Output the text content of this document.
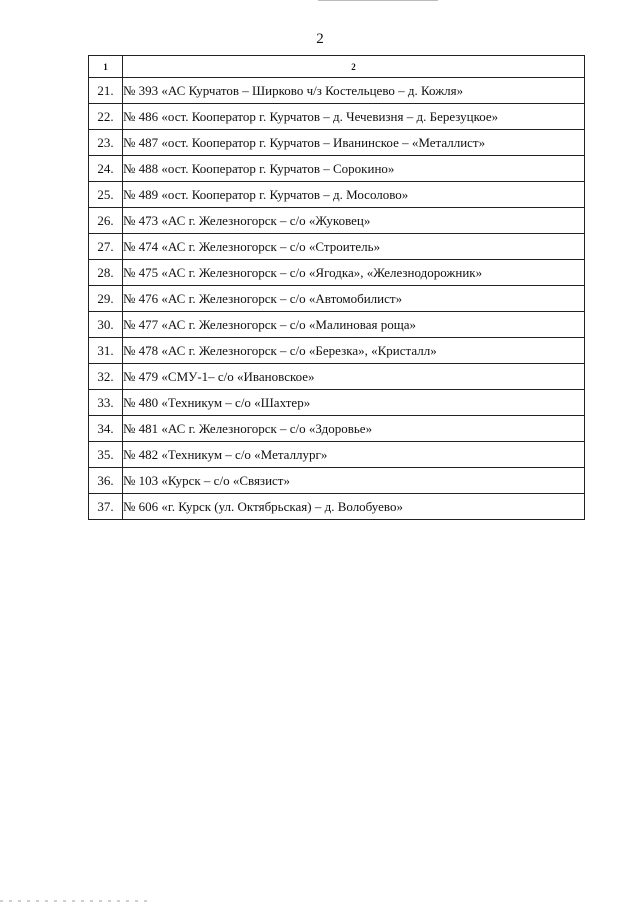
2
1	2
21.	№ 393 «АС Курчатов – Ширково ч/з Костельцево – д. Кожля»
22.	№ 486 «ост. Кооператор г. Курчатов – д. Чечевизня – д. Березуцкое»
23.	№ 487 «ост. Кооператор г. Курчатов – Иванинское – «Металлист»
24.	№ 488 «ост. Кооператор г. Курчатов – Сорокино»
25.	№ 489 «ост. Кооператор г. Курчатов – д. Мосолово»
26.	№ 473 «АС г. Железногорск – с/о «Жуковец»
27.	№ 474 «АС г. Железногорск – с/о «Строитель»
28.	№ 475 «АС г. Железногорск – с/о «Ягодка», «Железнодорожник»
29.	№ 476 «АС г. Железногорск – с/о «Автомобилист»
30.	№ 477 «АС г. Железногорск – с/о «Малиновая роща»
31.	№ 478 «АС г. Железногорск – с/о «Березка», «Кристалл»
32.	№ 479 «СМУ-1– с/о «Ивановское»
33.	№ 480 «Техникум – с/о «Шахтер»
34.	№ 481 «АС г. Железногорск – с/о «Здоровье»
35.	№ 482 «Техникум – с/о «Металлург»
36.	№ 103 «Курск – с/о «Связист»
37.	№ 606 «г. Курск (ул. Октябрьская) – д. Волобуево»
